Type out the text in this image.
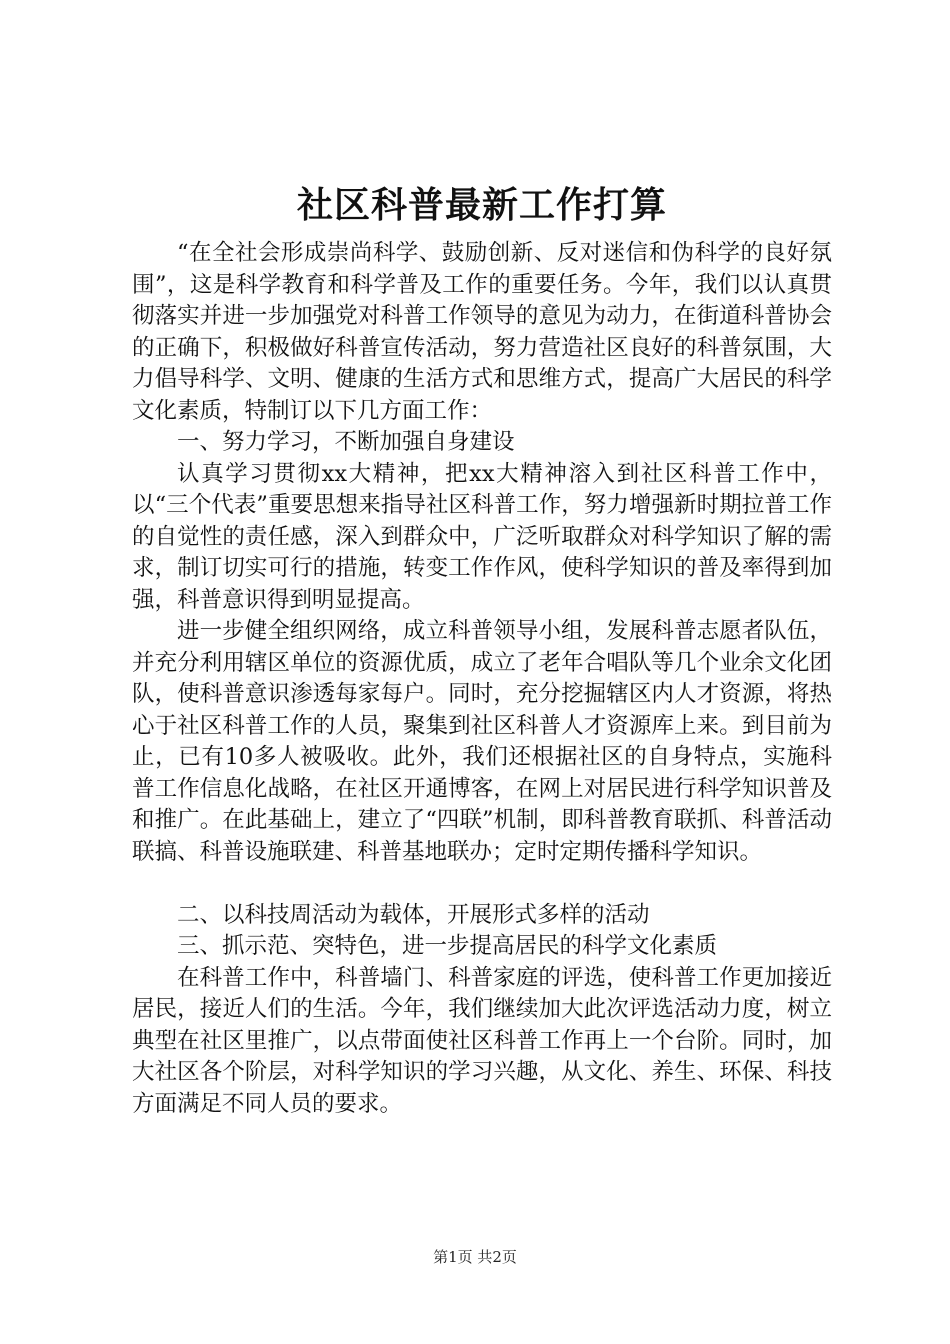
社区科普最新工作打算

“在全社会形成崇尚科学、鼓励创新、反对迷信和伪科学的良好氛围”，这是科学教育和科学普及工作的重要任务。今年，我们以认真贯彻落实并进一步加强党对科普工作领导的意见为动力，在街道科普协会的正确下，积极做好科普宣传活动，努力营造社区良好的科普氛围，大力倡导科学、文明、健康的生活方式和思维方式，提高广大居民的科学文化素质，特制订以下几方面工作：

一、努力学习，不断加强自身建设

认真学习贯彻xx大精神，把xx大精神溶入到社区科普工作中，以“三个代表”重要思想来指导社区科普工作，努力增强新时期拉普工作的自觉性的责任感，深入到群众中，广泛听取群众对科学知识了解的需求，制订切实可行的措施，转变工作作风，使科学知识的普及率得到加强，科普意识得到明显提高。

进一步健全组织网络，成立科普领导小组，发展科普志愿者队伍，并充分利用辖区单位的资源优质，成立了老年合唱队等几个业余文化团队，使科普意识渗透每家每户。同时，充分挖掘辖区内人才资源，将热心于社区科普工作的人员，聚集到社区科普人才资源库上来。到目前为止，已有10多人被吸收。此外，我们还根据社区的自身特点，实施科普工作信息化战略，在社区开通博客，在网上对居民进行科学知识普及和推广。在此基础上，建立了“四联”机制，即科普教育联抓、科普活动联搞、科普设施联建、科普基地联办；定时定期传播科学知识。

二、以科技周活动为载体，开展形式多样的活动

三、抓示范、突特色，进一步提高居民的科学文化素质

在科普工作中，科普墙门、科普家庭的评选，使科普工作更加接近居民，接近人们的生活。今年，我们继续加大此次评选活动力度，树立典型在社区里推广，以点带面使社区科普工作再上一个台阶。同时，加大社区各个阶层，对科学知识的学习兴趣，从文化、养生、环保、科技方面满足不同人员的要求。

第1页 共2页
